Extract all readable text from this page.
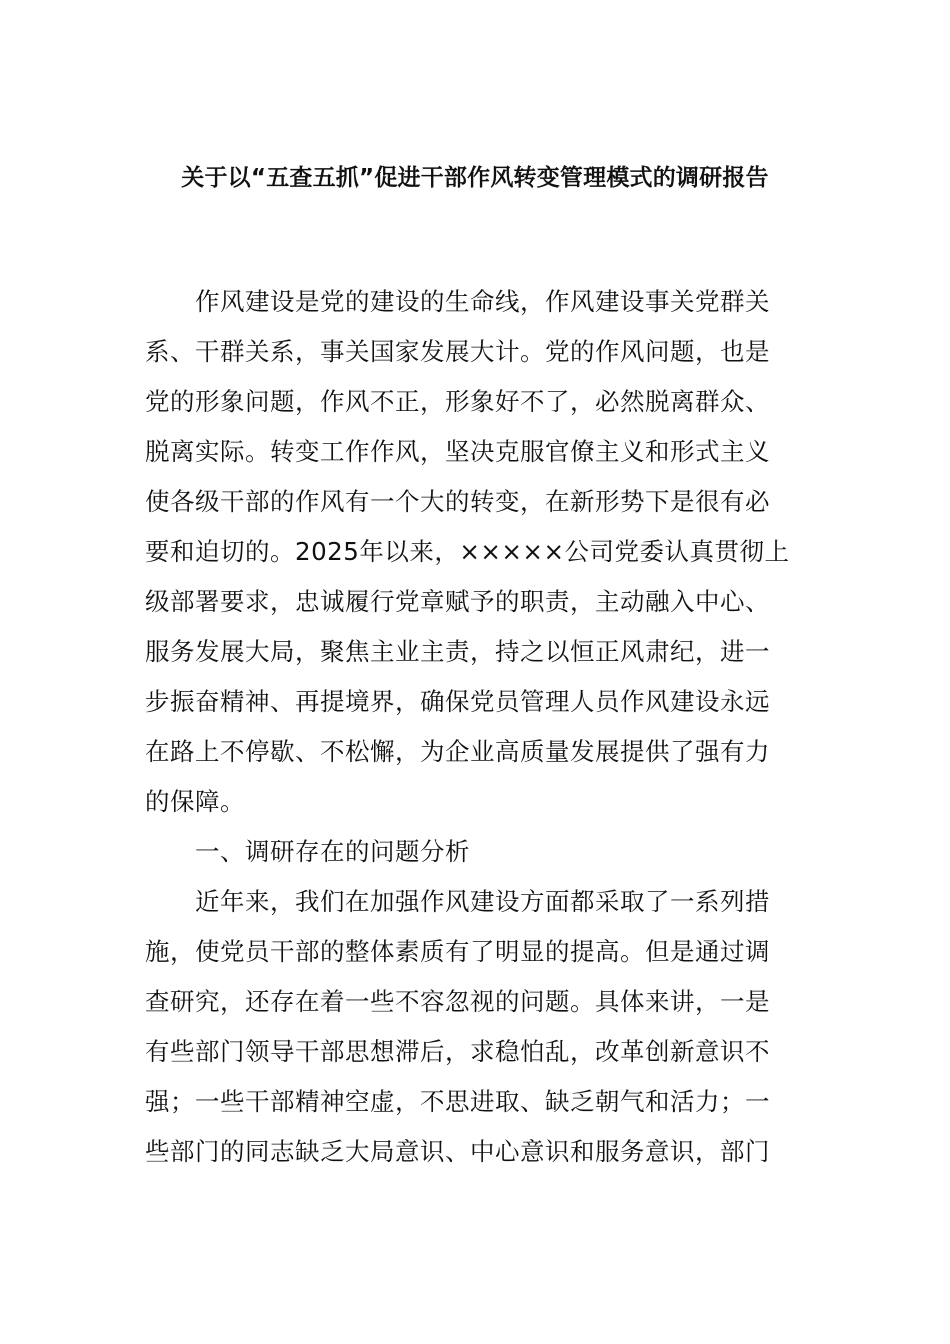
关于以“五查五抓”促进干部作风转变管理模式的调研报告
作风建设是党的建设的生命线，作风建设事关党群关
系、干群关系，事关国家发展大计。党的作风问题，也是
党的形象问题，作风不正，形象好不了，必然脱离群众、
脱离实际。转变工作作风，坚决克服官僚主义和形式主义
使各级干部的作风有一个大的转变，在新形势下是很有必
要和迫切的。2025年以来，×××××公司党委认真贯彻上
级部署要求，忠诚履行党章赋予的职责，主动融入中心、
服务发展大局，聚焦主业主责，持之以恒正风肃纪，进一
步振奋精神、再提境界，确保党员管理人员作风建设永远
在路上不停歇、不松懈，为企业高质量发展提供了强有力
的保障。
一、调研存在的问题分析
近年来，我们在加强作风建设方面都采取了一系列措
施，使党员干部的整体素质有了明显的提高。但是通过调
查研究，还存在着一些不容忽视的问题。具体来讲，一是
有些部门领导干部思想滞后，求稳怕乱，改革创新意识不
强；一些干部精神空虚，不思进取、缺乏朝气和活力；一
些部门的同志缺乏大局意识、中心意识和服务意识，部门
